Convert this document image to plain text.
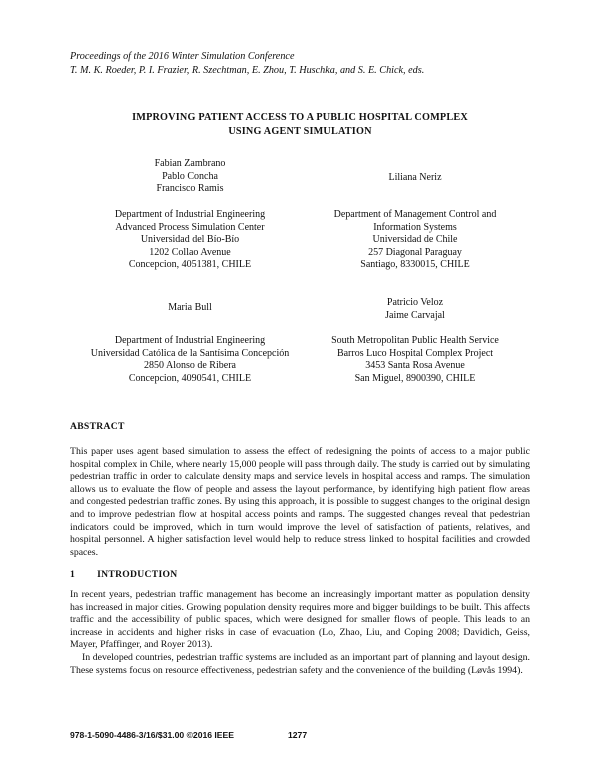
Proceedings of the 2016 Winter Simulation Conference
T. M. K. Roeder, P. I. Frazier, R. Szechtman, E. Zhou, T. Huschka, and S. E. Chick, eds.
IMPROVING PATIENT ACCESS TO A PUBLIC HOSPITAL COMPLEX
USING AGENT SIMULATION
Fabian Zambrano
Pablo Concha
Francisco Ramis
Department of Industrial Engineering
Advanced Process Simulation Center
Universidad del Bío-Bío
1202 Collao Avenue
Concepcion, 4051381, CHILE
Liliana Neriz
Department of Management Control and
Information Systems
Universidad de Chile
257 Diagonal Paraguay
Santiago, 8330015, CHILE
Maria Bull
Department of Industrial Engineering
Universidad Católica de la Santísima Concepción
2850 Alonso de Ribera
Concepcion, 4090541, CHILE
Patricio Veloz
Jaime Carvajal
South Metropolitan Public Health Service
Barros Luco Hospital Complex Project
3453 Santa Rosa Avenue
San Miguel, 8900390, CHILE
ABSTRACT

This paper uses agent based simulation to assess the effect of redesigning the points of access to a major public hospital complex in Chile, where nearly 15,000 people will pass through daily. The study is carried out by simulating pedestrian traffic in order to calculate density maps and service levels in hospital access and ramps. The simulation allows us to evaluate the flow of people and assess the layout performance, by identifying high patient flow areas and congested pedestrian traffic zones. By using this approach, it is possible to suggest changes to the original design and to improve pedestrian flow at hospital access points and ramps. The suggested changes reveal that pedestrian indicators could be improved, which in turn would improve the level of satisfaction of patients, relatives, and hospital personnel. A higher satisfaction level would help to reduce stress linked to hospital facilities and crowded spaces.

1 INTRODUCTION

In recent years, pedestrian traffic management has become an increasingly important matter as population density has increased in major cities. Growing population density requires more and bigger buildings to be built. This affects traffic and the accessibility of public spaces, which were designed for smaller flows of people. This leads to an increase in accidents and higher risks in case of evacuation (Lo, Zhao, Liu, and Coping 2008; Davidich, Geiss, Mayer, Pfaffinger, and Royer 2013).

In developed countries, pedestrian traffic systems are included as an important part of planning and layout design. These systems focus on resource effectiveness, pedestrian safety and the convenience of the building (Løvås 1994).

978-1-5090-4486-3/16/$31.00 ©2016 IEEE	1277
